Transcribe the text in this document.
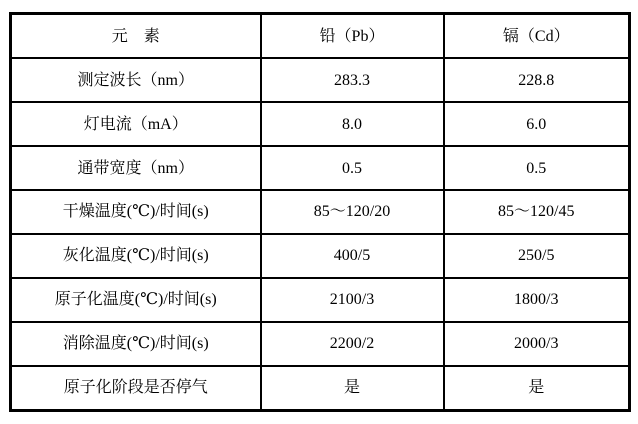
元　素	铅（Pb）	镉（Cd）
测定波长（nm）	283.3	228.8
灯电流（mA）	8.0	6.0
通带宽度（nm）	0.5	0.5
干燥温度(℃)/时间(s)	85～120/20	85～120/45
灰化温度(℃)/时间(s)	400/5	250/5
原子化温度(℃)/时间(s)	2100/3	1800/3
消除温度(℃)/时间(s)	2200/2	2000/3
原子化阶段是否停气	是	是
